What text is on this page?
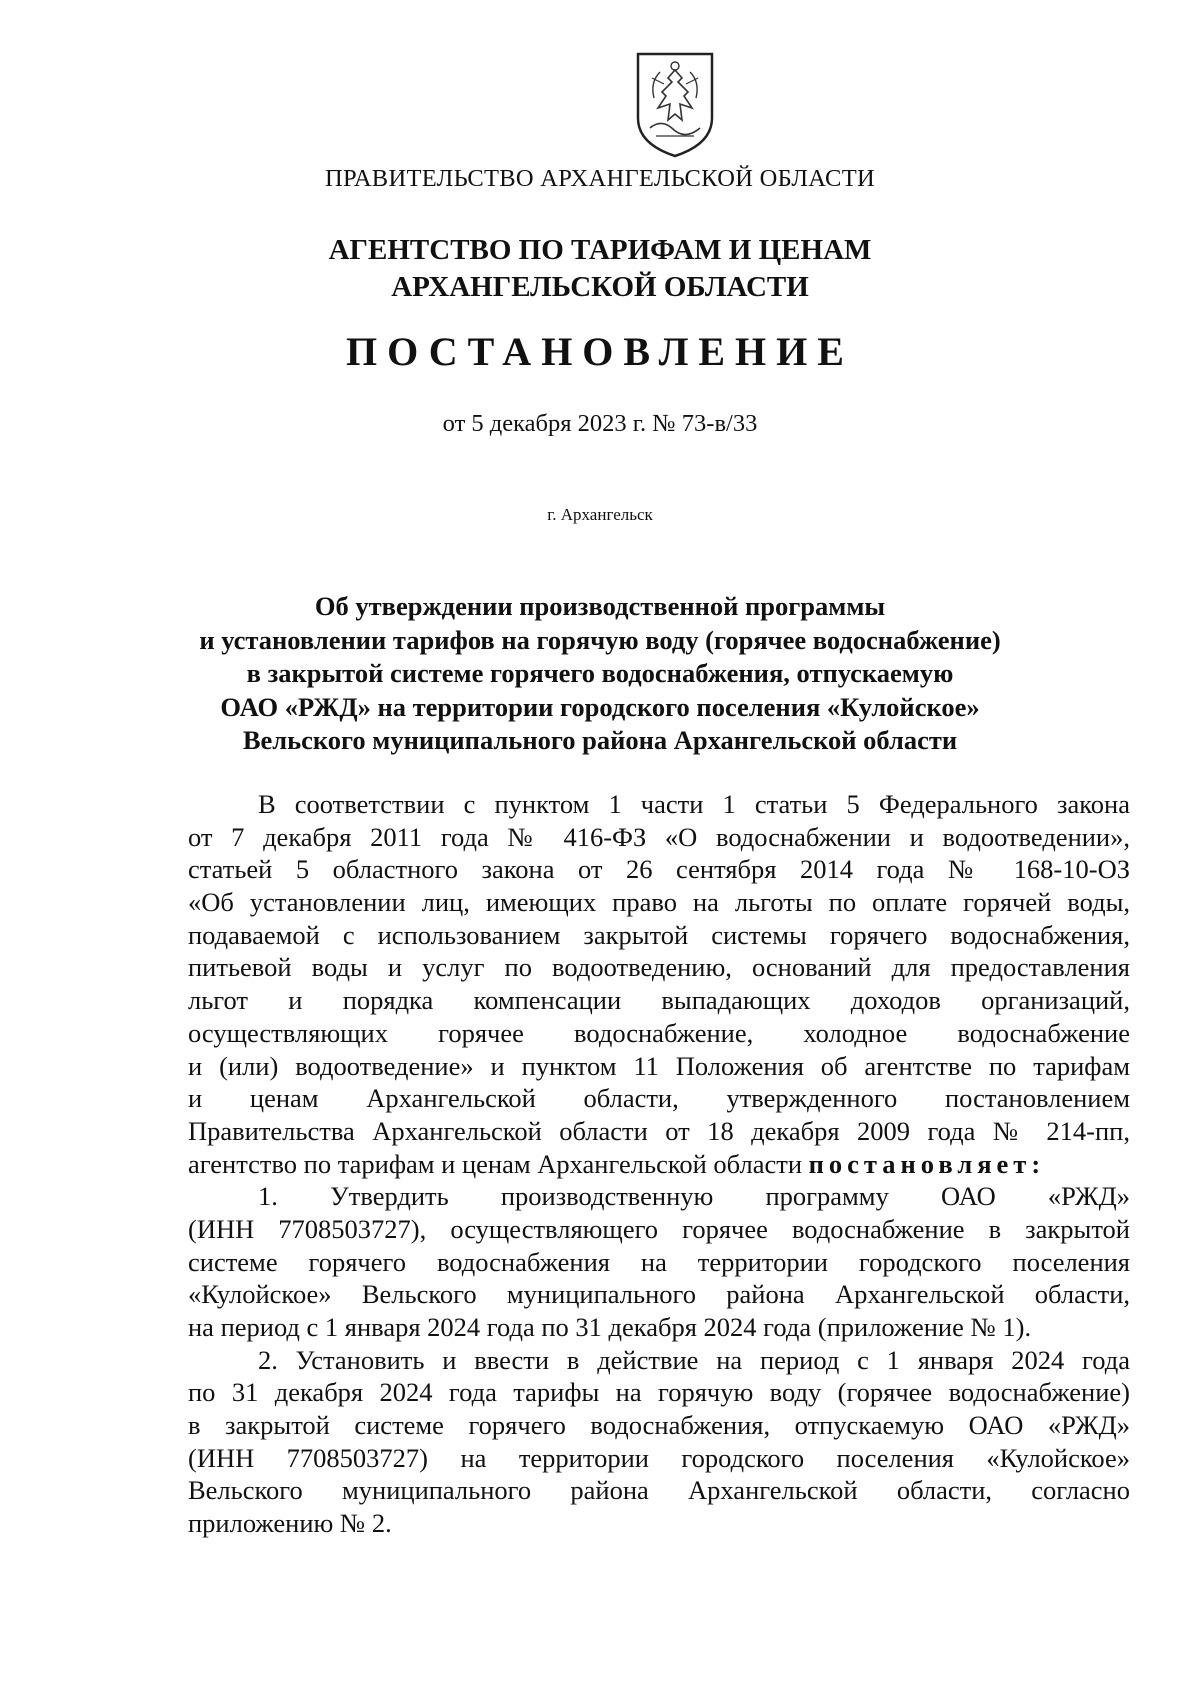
ПРАВИТЕЛЬСТВО АРХАНГЕЛЬСКОЙ ОБЛАСТИ
АГЕНТСТВО ПО ТАРИФАМ И ЦЕНАМ
АРХАНГЕЛЬСКОЙ ОБЛАСТИ
ПОСТАНОВЛЕНИЕ
от 5 декабря 2023 г. № 73-в/33
г. Архангельск
Об утверждении производственной программы
и установлении тарифов на горячую воду (горячее водоснабжение)
в закрытой системе горячего водоснабжения, отпускаемую
ОАО «РЖД» на территории городского поселения «Кулойское»
Вельского муниципального района Архангельской области
В соответствии с пунктом 1 части 1 статьи 5 Федерального закона
от 7 декабря 2011 года № 416-ФЗ «О водоснабжении и водоотведении»,
статьей 5 областного закона от 26 сентября 2014 года № 168-10-ОЗ
«Об установлении лиц, имеющих право на льготы по оплате горячей воды,
подаваемой с использованием закрытой системы горячего водоснабжения,
питьевой воды и услуг по водоотведению, оснований для предоставления
льгот и порядка компенсации выпадающих доходов организаций,
осуществляющих горячее водоснабжение, холодное водоснабжение
и (или) водоотведение» и пунктом 11 Положения об агентстве по тарифам
и ценам Архангельской области, утвержденного постановлением
Правительства Архангельской области от 18 декабря 2009 года № 214-пп,
агентство по тарифам и ценам Архангельской области постановляет:
1. Утвердить производственную программу ОАО «РЖД»
(ИНН 7708503727), осуществляющего горячее водоснабжение в закрытой
системе горячего водоснабжения на территории городского поселения
«Кулойское» Вельского муниципального района Архангельской области,
на период с 1 января 2024 года по 31 декабря 2024 года (приложение № 1).
2. Установить и ввести в действие на период с 1 января 2024 года
по 31 декабря 2024 года тарифы на горячую воду (горячее водоснабжение)
в закрытой системе горячего водоснабжения, отпускаемую ОАО «РЖД»
(ИНН 7708503727) на территории городского поселения «Кулойское»
Вельского муниципального района Архангельской области, согласно
приложению № 2.
